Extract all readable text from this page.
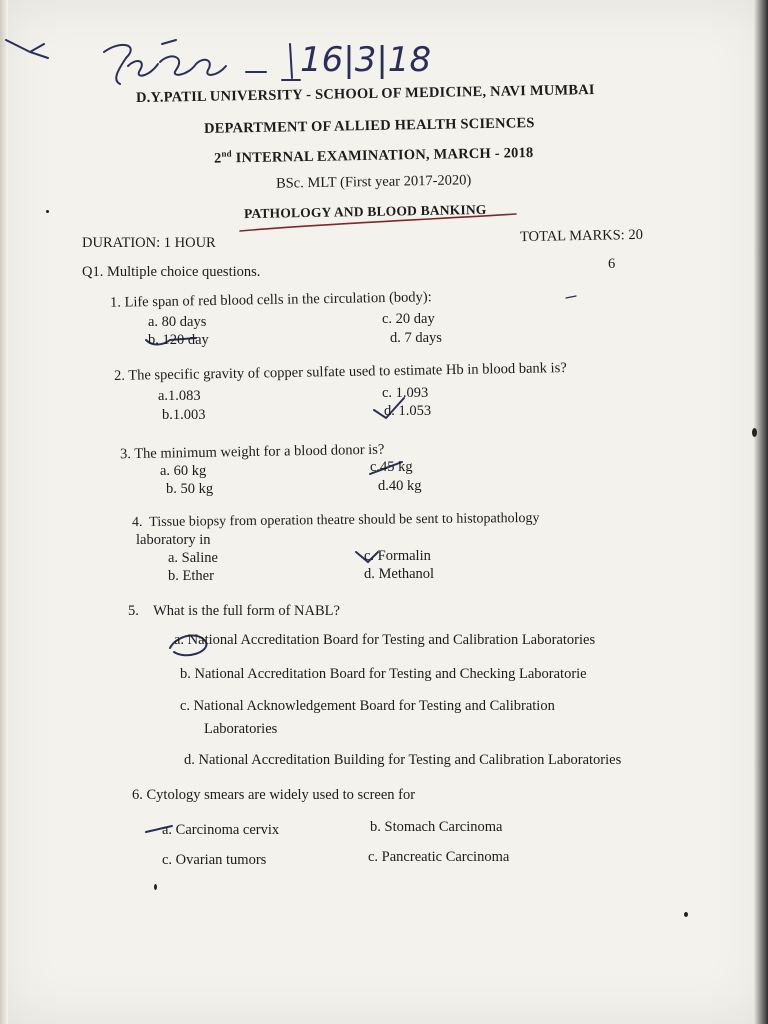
16|3|18
D.Y.PATIL UNIVERSITY - SCHOOL OF MEDICINE, NAVI MUMBAI
DEPARTMENT OF ALLIED HEALTH SCIENCES
2nd INTERNAL EXAMINATION, MARCH - 2018
BSc. MLT (First year 2017-2020)
PATHOLOGY AND BLOOD BANKING
DURATION: 1 HOUR	TOTAL MARKS: 20
6
Q1. Multiple choice questions.
1. Life span of red blood cells in the circulation (body):
a. 80 days	c. 20 day
b. 120 day	d. 7 days
2. The specific gravity of copper sulfate used to estimate Hb in blood bank is?
a.1.083	c. 1.093
b.1.003	d. 1.053
3. The minimum weight for a blood donor is?
a. 60 kg	c.45 kg
b. 50 kg	d.40 kg
4. Tissue biopsy from operation theatre should be sent to histopathology
laboratory in
a. Saline	c. Formalin
b. Ether	d. Methanol
5. What is the full form of NABL?
a. National Accreditation Board for Testing and Calibration Laboratories
b. National Accreditation Board for Testing and Checking Laboratorie
c. National Acknowledgement Board for Testing and Calibration
Laboratories
d. National Accreditation Building for Testing and Calibration Laboratories
6. Cytology smears are widely used to screen for
a. Carcinoma cervix	b. Stomach Carcinoma
c. Ovarian tumors	c. Pancreatic Carcinoma
